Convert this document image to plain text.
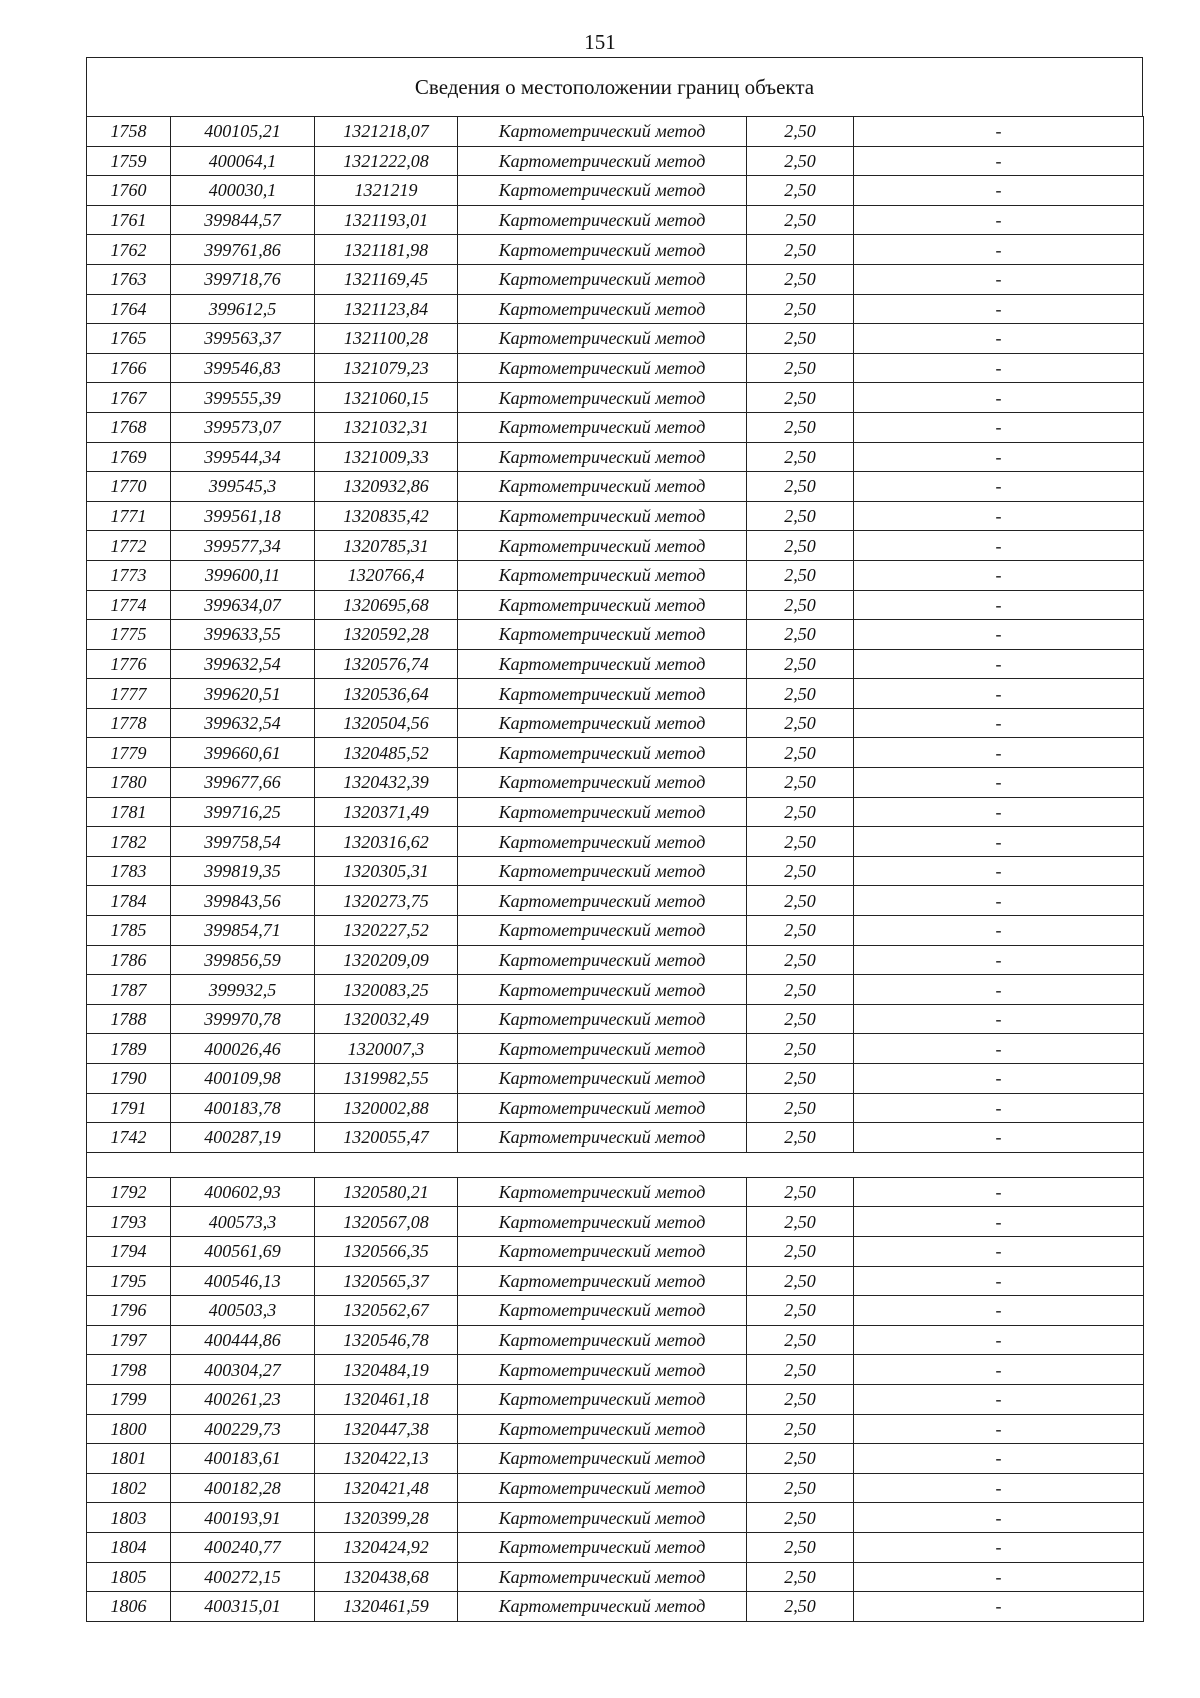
151
Сведения о местоположении границ объекта
1758	400105,21	1321218,07	Картометрический метод	2,50	-
1759	400064,1	1321222,08	Картометрический метод	2,50	-
1760	400030,1	1321219	Картометрический метод	2,50	-
1761	399844,57	1321193,01	Картометрический метод	2,50	-
1762	399761,86	1321181,98	Картометрический метод	2,50	-
1763	399718,76	1321169,45	Картометрический метод	2,50	-
1764	399612,5	1321123,84	Картометрический метод	2,50	-
1765	399563,37	1321100,28	Картометрический метод	2,50	-
1766	399546,83	1321079,23	Картометрический метод	2,50	-
1767	399555,39	1321060,15	Картометрический метод	2,50	-
1768	399573,07	1321032,31	Картометрический метод	2,50	-
1769	399544,34	1321009,33	Картометрический метод	2,50	-
1770	399545,3	1320932,86	Картометрический метод	2,50	-
1771	399561,18	1320835,42	Картометрический метод	2,50	-
1772	399577,34	1320785,31	Картометрический метод	2,50	-
1773	399600,11	1320766,4	Картометрический метод	2,50	-
1774	399634,07	1320695,68	Картометрический метод	2,50	-
1775	399633,55	1320592,28	Картометрический метод	2,50	-
1776	399632,54	1320576,74	Картометрический метод	2,50	-
1777	399620,51	1320536,64	Картометрический метод	2,50	-
1778	399632,54	1320504,56	Картометрический метод	2,50	-
1779	399660,61	1320485,52	Картометрический метод	2,50	-
1780	399677,66	1320432,39	Картометрический метод	2,50	-
1781	399716,25	1320371,49	Картометрический метод	2,50	-
1782	399758,54	1320316,62	Картометрический метод	2,50	-
1783	399819,35	1320305,31	Картометрический метод	2,50	-
1784	399843,56	1320273,75	Картометрический метод	2,50	-
1785	399854,71	1320227,52	Картометрический метод	2,50	-
1786	399856,59	1320209,09	Картометрический метод	2,50	-
1787	399932,5	1320083,25	Картометрический метод	2,50	-
1788	399970,78	1320032,49	Картометрический метод	2,50	-
1789	400026,46	1320007,3	Картометрический метод	2,50	-
1790	400109,98	1319982,55	Картометрический метод	2,50	-
1791	400183,78	1320002,88	Картометрический метод	2,50	-
1742	400287,19	1320055,47	Картометрический метод	2,50	-

1792	400602,93	1320580,21	Картометрический метод	2,50	-
1793	400573,3	1320567,08	Картометрический метод	2,50	-
1794	400561,69	1320566,35	Картометрический метод	2,50	-
1795	400546,13	1320565,37	Картометрический метод	2,50	-
1796	400503,3	1320562,67	Картометрический метод	2,50	-
1797	400444,86	1320546,78	Картометрический метод	2,50	-
1798	400304,27	1320484,19	Картометрический метод	2,50	-
1799	400261,23	1320461,18	Картометрический метод	2,50	-
1800	400229,73	1320447,38	Картометрический метод	2,50	-
1801	400183,61	1320422,13	Картометрический метод	2,50	-
1802	400182,28	1320421,48	Картометрический метод	2,50	-
1803	400193,91	1320399,28	Картометрический метод	2,50	-
1804	400240,77	1320424,92	Картометрический метод	2,50	-
1805	400272,15	1320438,68	Картометрический метод	2,50	-
1806	400315,01	1320461,59	Картометрический метод	2,50	-
